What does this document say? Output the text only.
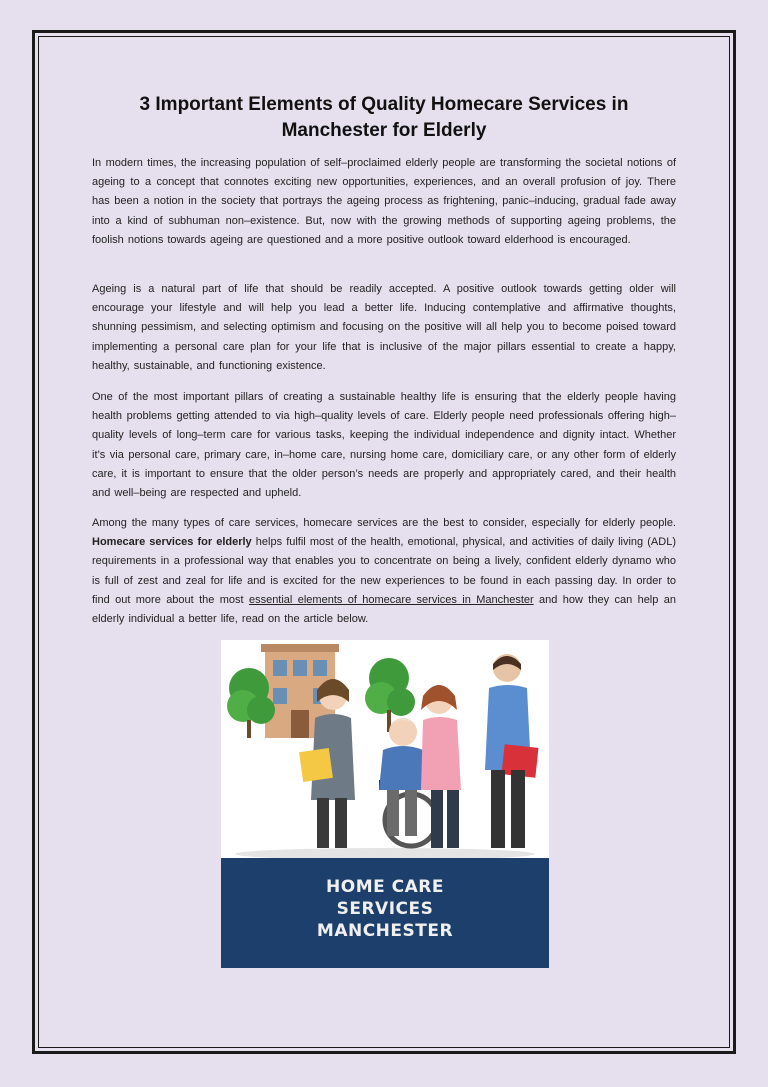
3 Important Elements of Quality Homecare Services in Manchester for Elderly

In modern times, the increasing population of self–proclaimed elderly people are transforming the societal notions of ageing to a concept that connotes exciting new opportunities, experiences, and an overall profusion of joy. There has been a notion in the society that portrays the ageing process as frightening, panic–inducing, gradual fade away into a kind of subhuman non–existence. But, now with the growing methods of supporting ageing problems, the foolish notions towards ageing are questioned and a more positive outlook toward elderhood is encouraged.

Ageing is a natural part of life that should be readily accepted. A positive outlook towards getting older will encourage your lifestyle and will help you lead a better life. Inducing contemplative and affirmative thoughts, shunning pessimism, and selecting optimism and focusing on the positive will all help you to become poised toward implementing a personal care plan for your life that is inclusive of the major pillars essential to create a happy, healthy, sustainable, and functioning existence.

One of the most important pillars of creating a sustainable healthy life is ensuring that the elderly people having health problems getting attended to via high–quality levels of care. Elderly people need professionals offering high–quality levels of long–term care for various tasks, keeping the individual independence and dignity intact. Whether it’s via personal care, primary care, in–home care, nursing home care, domiciliary care, or any other form of elderly care, it is important to ensure that the older person’s needs are properly and appropriately cared, and their health and well–being are respected and upheld.

Among the many types of care services, homecare services are the best to consider, especially for elderly people. Homecare services for elderly helps fulfil most of the health, emotional, physical, and activities of daily living (ADL) requirements in a professional way that enables you to concentrate on being a lively, confident elderly dynamo who is full of zest and zeal for life and is excited for the new experiences to be found in each passing day. In order to find out more about the most essential elements of homecare services in Manchester and how they can help an elderly individual a better life, read on the article below.

HOME CARE
SERVICES
MANCHESTER
